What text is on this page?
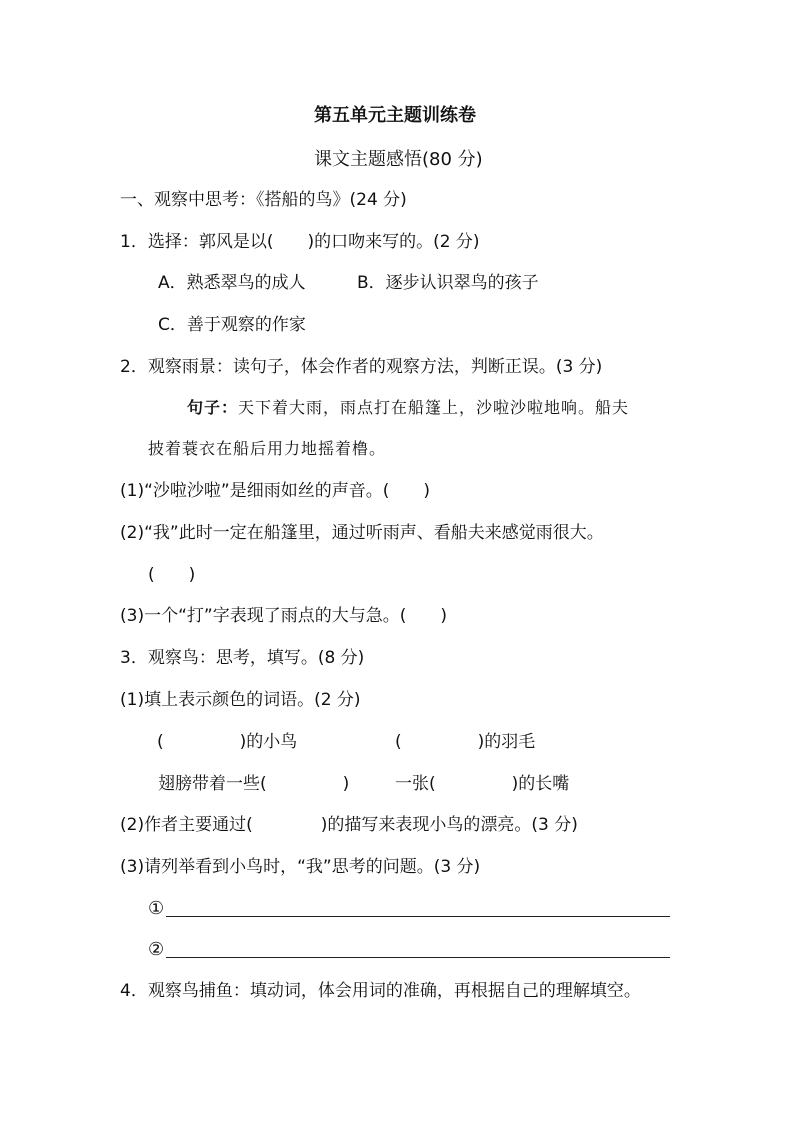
第五单元主题训练卷
课文主题感悟(80 分)
一、观察中思考：《搭船的鸟》(24 分)
1．选择：郭风是以( )的口吻来写的。(2 分)
A．熟悉翠鸟的成人	B．逐步认识翠鸟的孩子
C．善于观察的作家
2．观察雨景：读句子，体会作者的观察方法，判断正误。(3 分)
句子：天下着大雨，雨点打在船篷上，沙啦沙啦地响。船夫
披着蓑衣在船后用力地摇着橹。
(1)“沙啦沙啦”是细雨如丝的声音。( )
(2)“我”此时一定在船篷里，通过听雨声、看船夫来感觉雨很大。
( )
(3)一个“打”字表现了雨点的大与急。( )
3．观察鸟：思考，填写。(8 分)
(1)填上表示颜色的词语。(2 分)
(	)的小鸟	(	)的羽毛
翅膀带着一些(	)	一张(	)的长嘴
(2)作者主要通过(	)的描写来表现小鸟的漂亮。(3 分)
(3)请列举看到小鸟时，“我”思考的问题。(3 分)
①
②
4．观察鸟捕鱼：填动词，体会用词的准确，再根据自己的理解填空。
